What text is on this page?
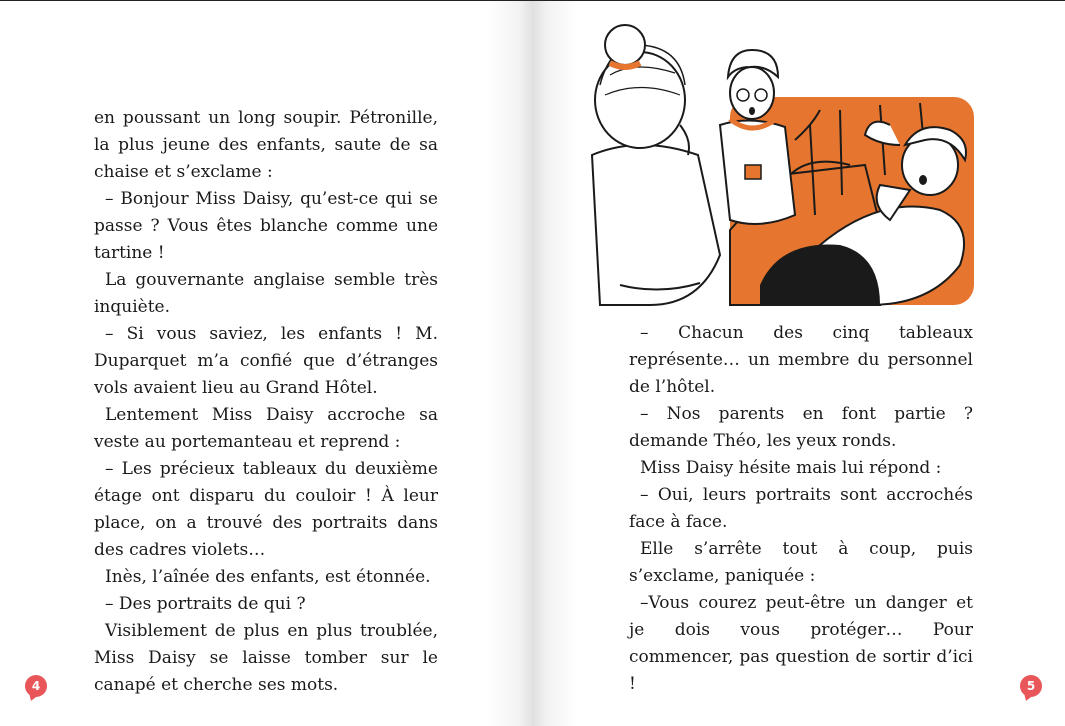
en poussant un long soupir. Pétronille, la plus jeune des enfants, saute de sa chaise et s’exclame :

– Bonjour Miss Daisy, qu’est-ce qui se passe ? Vous êtes blanche comme une tartine !

La gouvernante anglaise semble très inquiète.

– Si vous saviez, les enfants ! M. Duparquet m’a confié que d’étranges vols avaient lieu au Grand Hôtel.

Lentement Miss Daisy accroche sa veste au portemanteau et reprend :

– Les précieux tableaux du deuxième étage ont disparu du couloir ! À leur place, on a trouvé des portraits dans des cadres violets…

Inès, l’aînée des enfants, est étonnée.

– Des portraits de qui ?

Visiblement de plus en plus troublée, Miss Daisy se laisse tomber sur le canapé et cherche ses mots.

4

– Chacun des cinq tableaux représente… un membre du personnel de l’hôtel.

– Nos parents en font partie ? demande Théo, les yeux ronds.

Miss Daisy hésite mais lui répond :

– Oui, leurs portraits sont accrochés face à face.

Elle s’arrête tout à coup, puis s’exclame, paniquée :

–Vous courez peut-être un danger et je dois vous protéger… Pour commencer, pas question de sortir d’ici !	5
